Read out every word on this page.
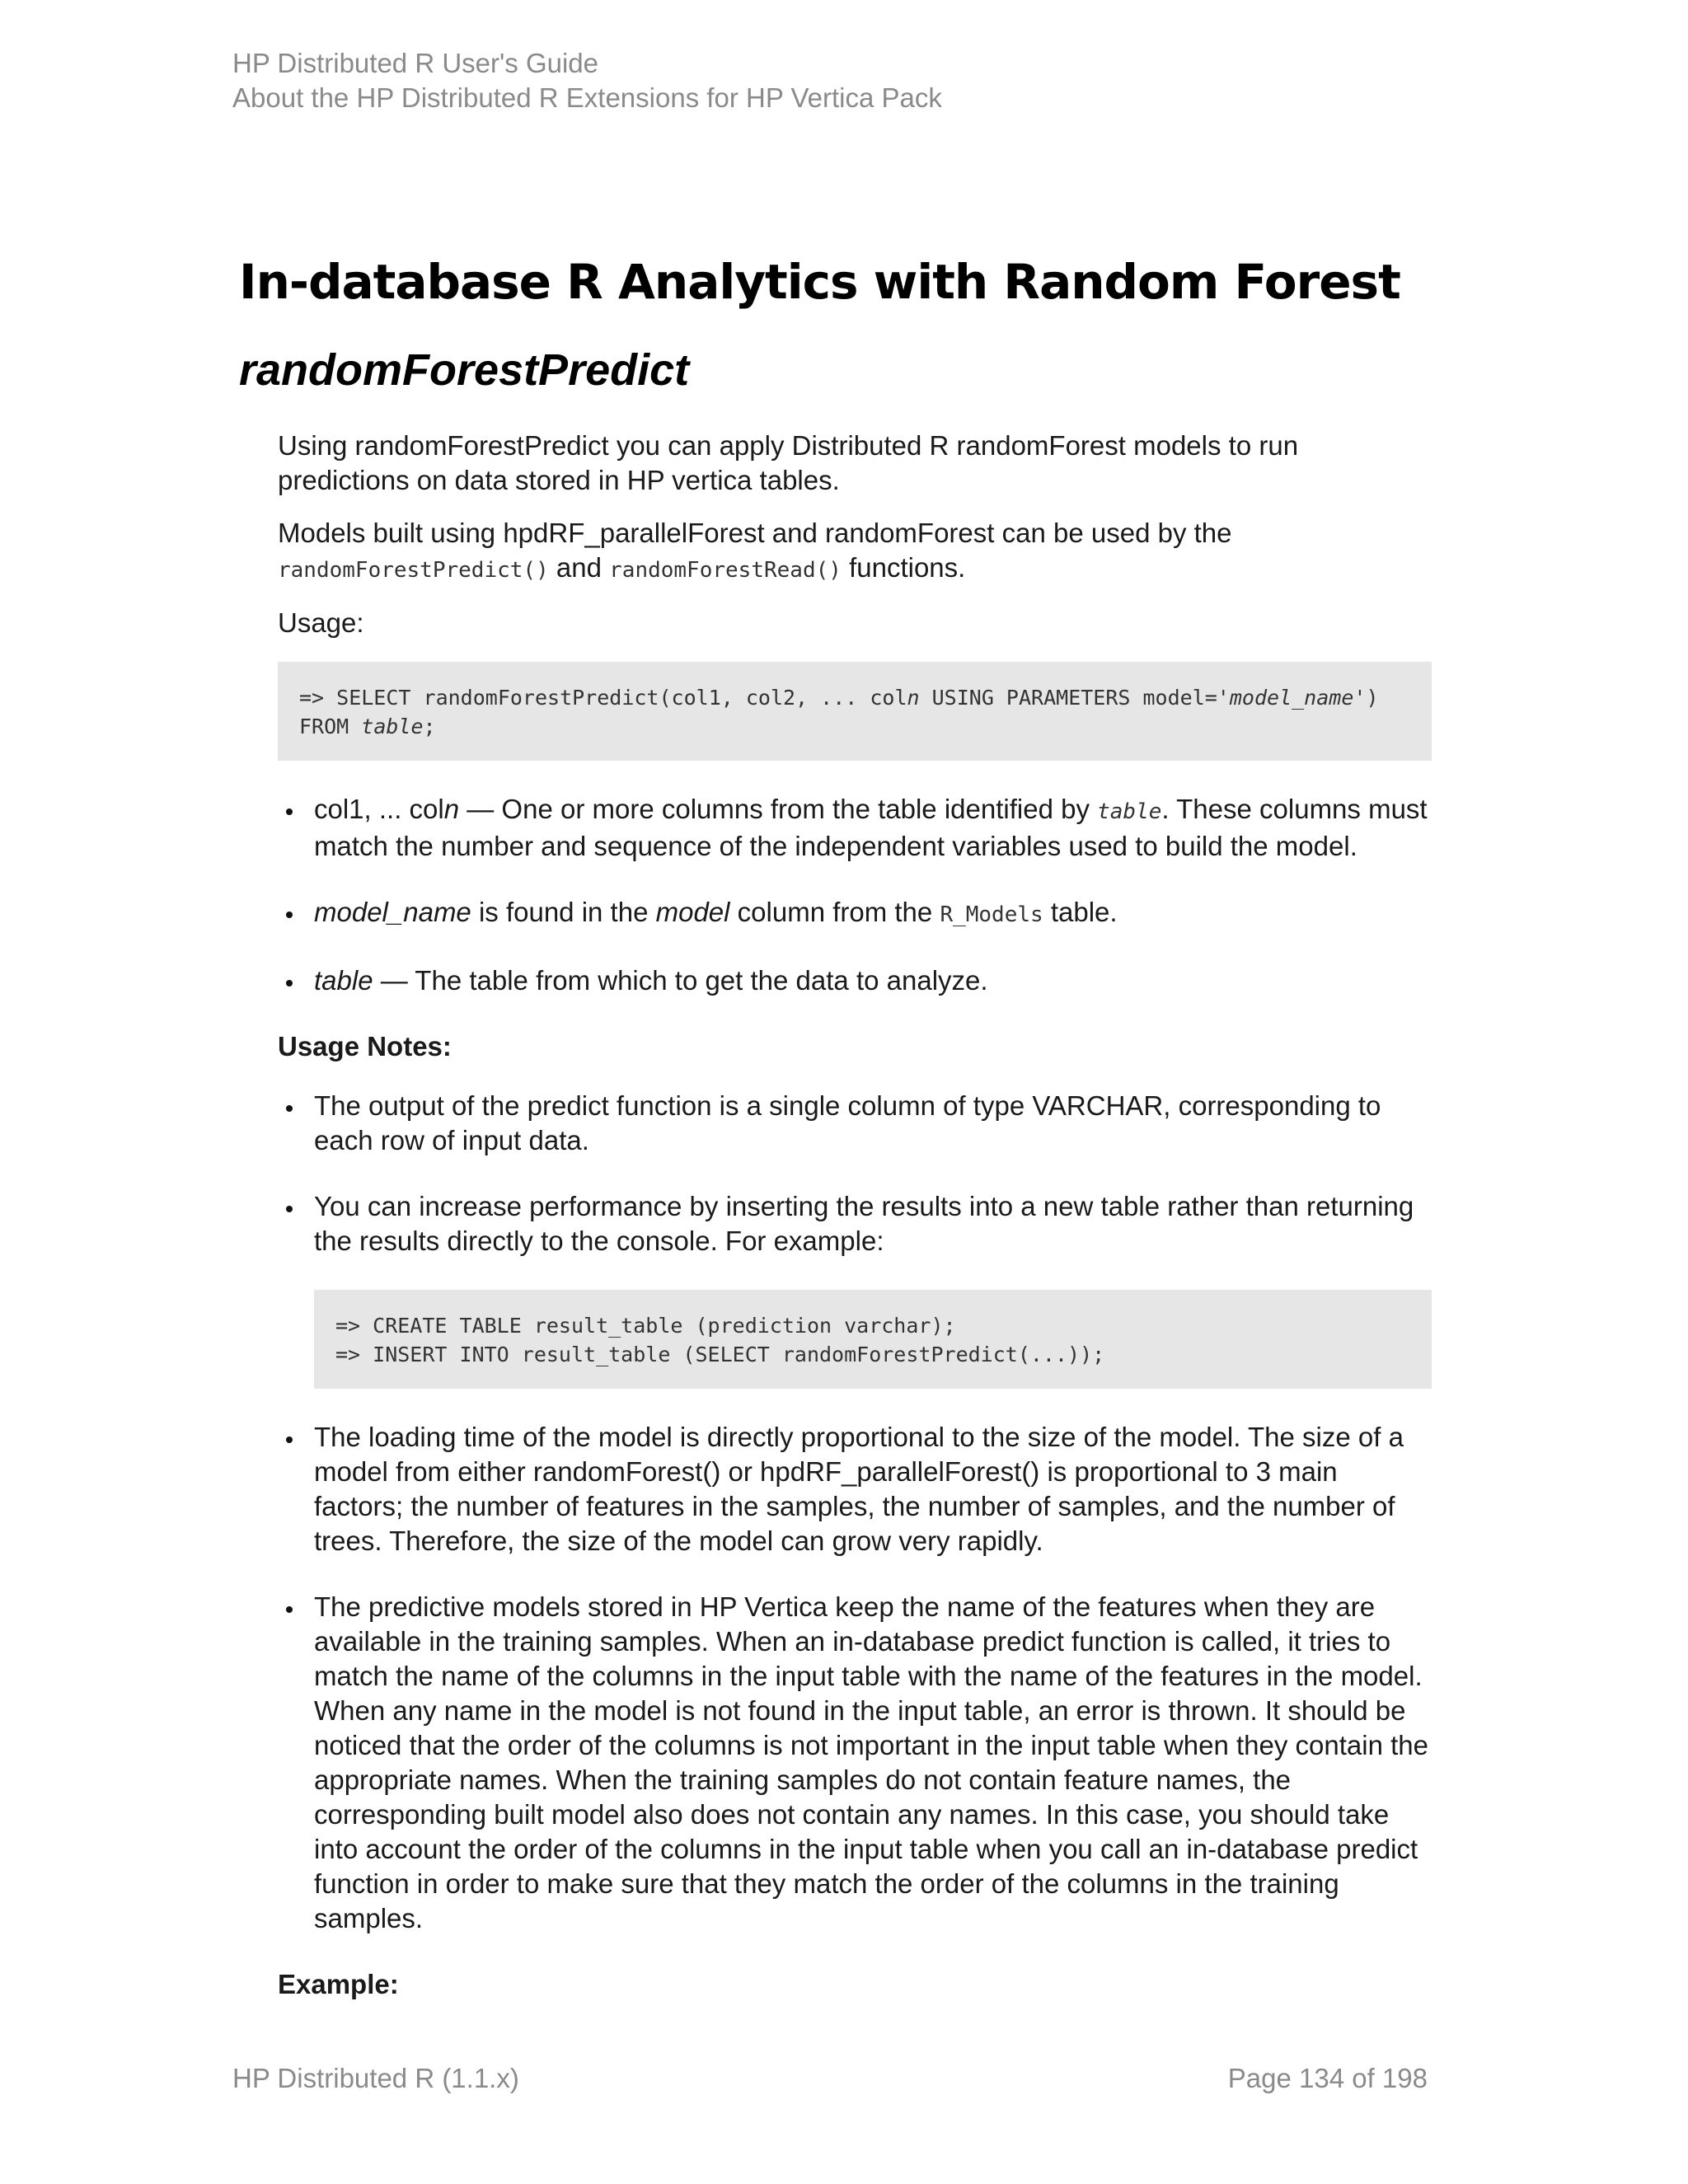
HP Distributed R User's Guide
About the HP Distributed R Extensions for HP Vertica Pack
In-database R Analytics with Random Forest
randomForestPredict

Using randomForestPredict you can apply Distributed R randomForest models to run predictions on data stored in HP vertica tables.

Models built using hpdRF_parallelForest and randomForest can be used by the
randomForestPredict() and randomForestRead() functions.

Usage:

=> SELECT randomForestPredict(col1, col2, ... coln USING PARAMETERS model='model_name')
FROM table;
col1, ... coln — One or more columns from the table identified by table. These columns must match the number and sequence of the independent variables used to build the model.
model_name is found in the model column from the R_Models table.
table — The table from which to get the data to analyze.

Usage Notes:

The output of the predict function is a single column of type VARCHAR, corresponding to each row of input data.
You can increase performance by inserting the results into a new table rather than returning the results directly to the console. For example:
=> CREATE TABLE result_table (prediction varchar);
=> INSERT INTO result_table (SELECT randomForestPredict(...));
The loading time of the model is directly proportional to the size of the model. The size of a model from either randomForest() or hpdRF_parallelForest() is proportional to 3 main factors; the number of features in the samples, the number of samples, and the number of trees. Therefore, the size of the model can grow very rapidly.
The predictive models stored in HP Vertica keep the name of the features when they are available in the training samples. When an in-database predict function is called, it tries to match the name of the columns in the input table with the name of the features in the model. When any name in the model is not found in the input table, an error is thrown. It should be noticed that the order of the columns is not important in the input table when they contain the appropriate names. When the training samples do not contain feature names, the corresponding built model also does not contain any names. In this case, you should take into account the order of the columns in the input table when you call an in-database predict function in order to make sure that they match the order of the columns in the training samples.

Example:

HP Distributed R (1.1.x)	Page 134 of 198
